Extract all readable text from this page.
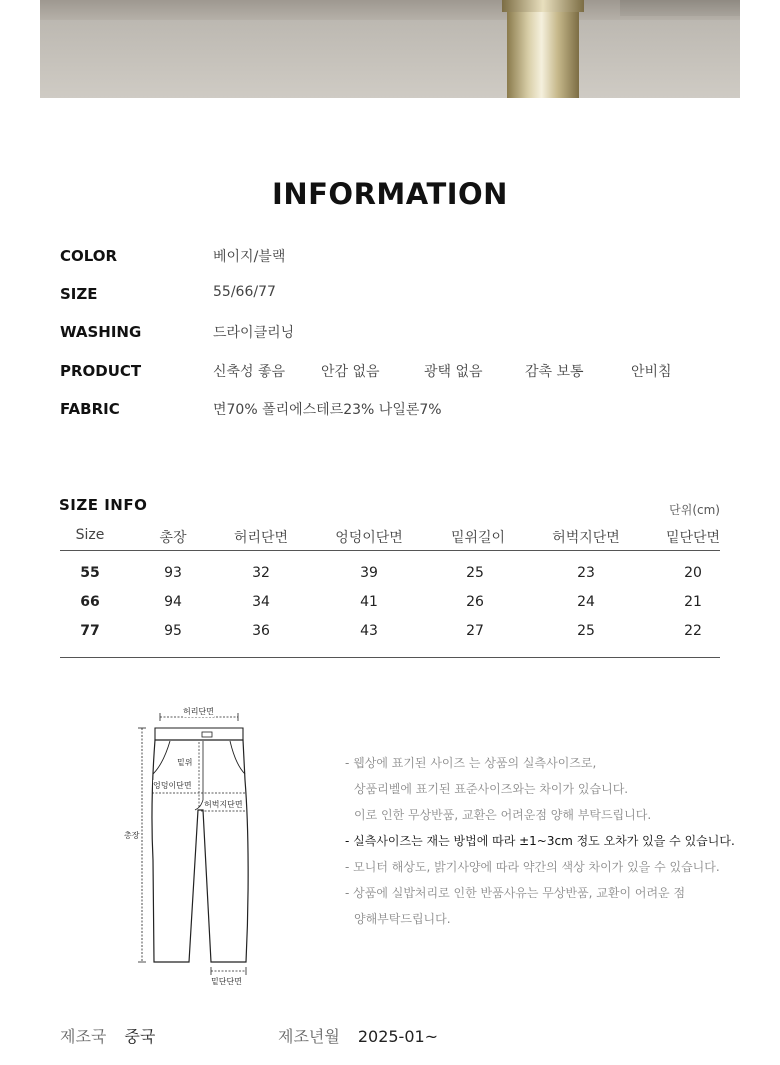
INFORMATION
COLOR	베이지/블랙
SIZE	55/66/77
WASHING	드라이클리닝
PRODUCT	신축성 좋음	안감 없음	광택 없음	감촉 보통	안비침
FABRIC	면70% 폴리에스테르23% 나일론7%
SIZE INFO	단위(cm)
Size	총장	허리단면	엉덩이단면	밑위길이	허벅지단면	밑단단면
55	93	32	39	25	23	20
66	94	34	41	26	24	21
77	95	36	43	27	25	22
허리단면
밑위
엉덩이단면
허벅지단면
총장
밑단단면

- 웹상에 표기된 사이즈 는 상품의 실측사이즈로,

상품리벨에 표기된 표준사이즈와는 차이가 있습니다.

이로 인한 무상반품, 교환은 어려운점 양해 부탁드립니다.

- 실측사이즈는 재는 방법에 따라 ±1~3cm 정도 오차가 있을 수 있습니다.

- 모니터 해상도, 밝기사양에 따라 약간의 색상 차이가 있을 수 있습니다.

- 상품에 실밥처리로 인한 반품사유는 무상반품, 교환이 어려운 점

양해부탁드립니다.

제조국 중국	제조년월 2025-01~
